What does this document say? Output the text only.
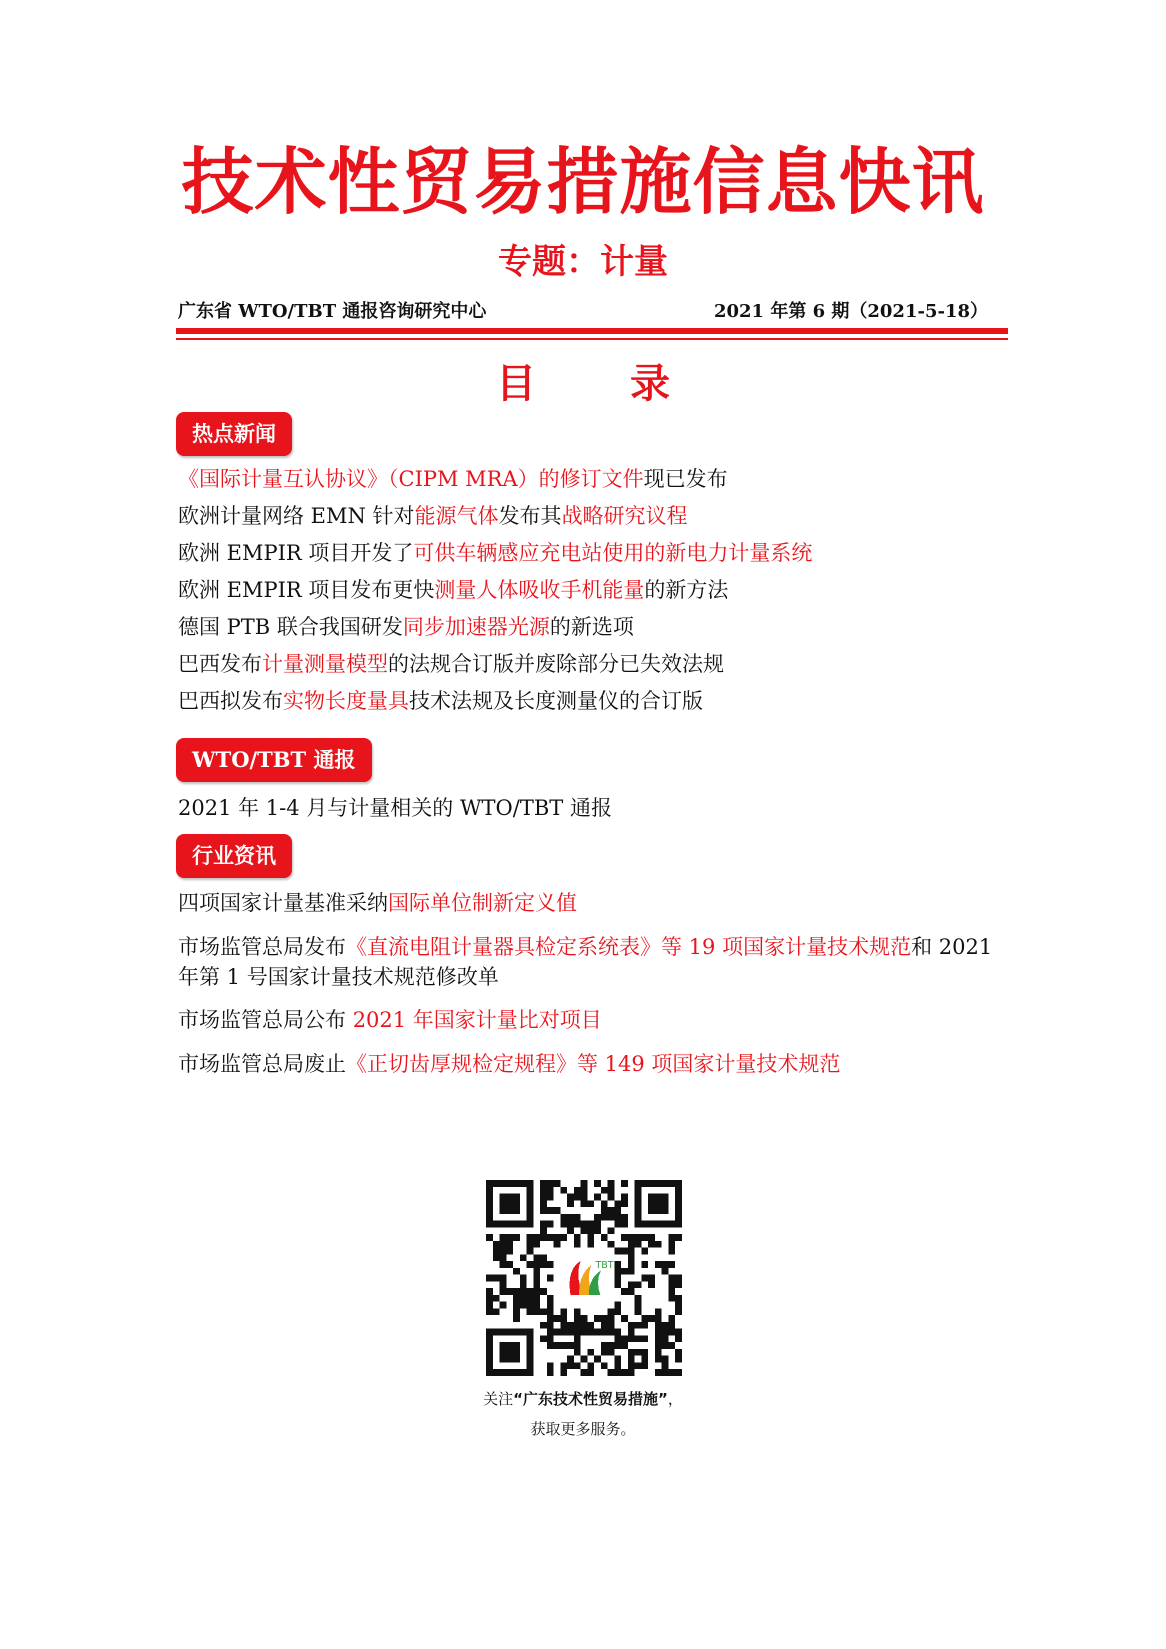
技术性贸易措施信息快讯
专题：计量
广东省 WTO/TBT 通报咨询研究中心	2021 年第 6 期（2021-5-18）
目 录
热点新闻
《国际计量互认协议》（CIPM MRA）的修订文件现已发布
欧洲计量网络 EMN 针对能源气体发布其战略研究议程
欧洲 EMPIR 项目开发了可供车辆感应充电站使用的新电力计量系统
欧洲 EMPIR 项目发布更快测量人体吸收手机能量的新方法
德国 PTB 联合我国研发同步加速器光源的新选项
巴西发布计量测量模型的法规合订版并废除部分已失效法规
巴西拟发布实物长度量具技术法规及长度测量仪的合订版
WTO/TBT 通报
2021 年 1-4 月与计量相关的 WTO/TBT 通报
行业资讯
四项国家计量基准采纳国际单位制新定义值
市场监管总局发布《直流电阻计量器具检定系统表》等 19 项国家计量技术规范和 2021 年第 1 号国家计量技术规范修改单
市场监管总局公布 2021 年国家计量比对项目
市场监管总局废止《正切齿厚规检定规程》等 149 项国家计量技术规范
TBT
关注“广东技术性贸易措施”，
获取更多服务。
